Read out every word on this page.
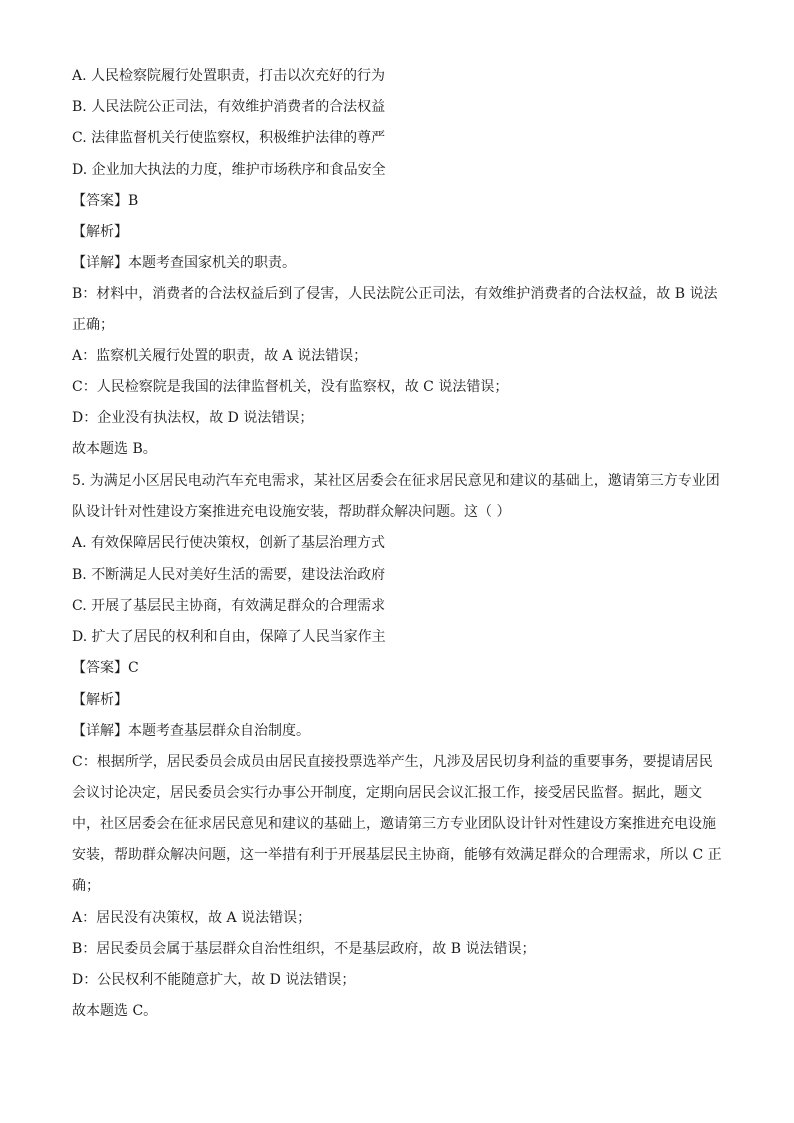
A. 人民检察院履行处置职责，打击以次充好的行为
B. 人民法院公正司法，有效维护消费者的合法权益
C. 法律监督机关行使监察权，积极维护法律的尊严
D. 企业加大执法的力度，维护市场秩序和食品安全
【答案】B
【解析】
【详解】本题考查国家机关的职责。
B：材料中，消费者的合法权益后到了侵害，人民法院公正司法，有效维护消费者的合法权益，故 B 说法
正确；
A：监察机关履行处置的职责，故 A 说法错误；
C：人民检察院是我国的法律监督机关，没有监察权，故 C 说法错误；
D：企业没有执法权，故 D 说法错误；
故本题选 B。
5. 为满足小区居民电动汽车充电需求，某社区居委会在征求居民意见和建议的基础上，邀请第三方专业团
队设计针对性建设方案推进充电设施安装，帮助群众解决问题。这（ ）
A. 有效保障居民行使决策权，创新了基层治理方式
B. 不断满足人民对美好生活的需要，建设法治政府
C. 开展了基层民主协商，有效满足群众的合理需求
D. 扩大了居民的权利和自由，保障了人民当家作主
【答案】C
【解析】
【详解】本题考查基层群众自治制度。
C：根据所学，居民委员会成员由居民直接投票选举产生，凡涉及居民切身利益的重要事务，要提请居民
会议讨论决定，居民委员会实行办事公开制度，定期向居民会议汇报工作，接受居民监督。据此，题文
中，社区居委会在征求居民意见和建议的基础上，邀请第三方专业团队设计针对性建设方案推进充电设施
安装，帮助群众解决问题，这一举措有利于开展基层民主协商，能够有效满足群众的合理需求，所以 C 正
确；
A：居民没有决策权，故 A 说法错误；
B：居民委员会属于基层群众自治性组织，不是基层政府，故 B 说法错误；
D：公民权利不能随意扩大，故 D 说法错误；
故本题选 C。
